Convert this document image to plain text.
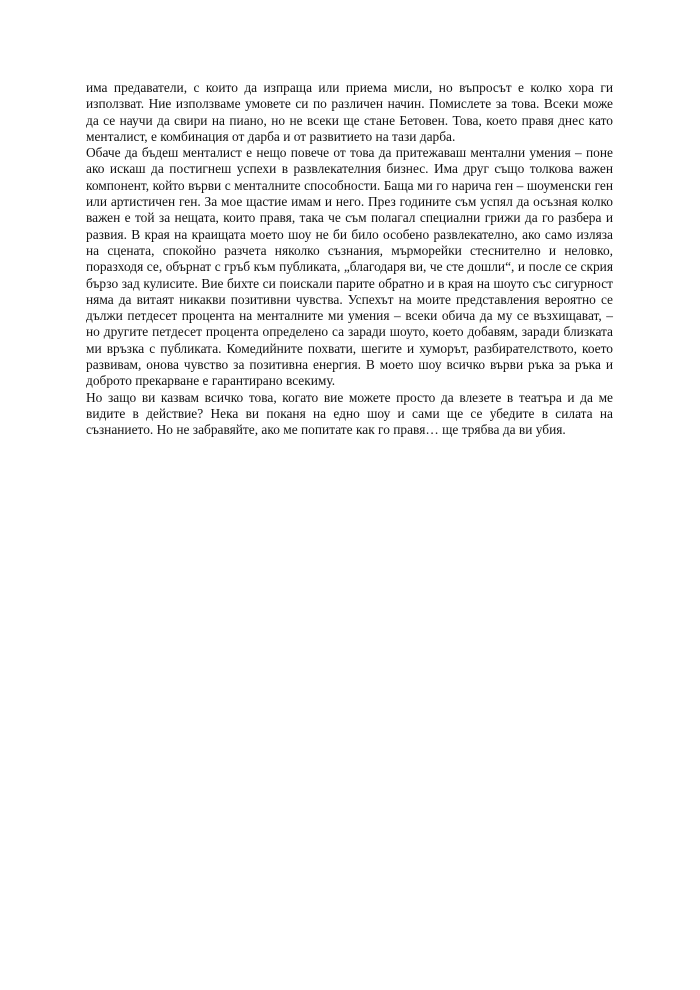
има предаватели, с които да изпраща или приема мисли, но въпросът е колко хора ги използват. Ние използваме умовете си по различен начин. Помислете за това. Всеки може да се научи да свири на пиано, но не всеки ще стане Бетовен. Това, което правя днес като менталист, е комбинация от дарба и от развитието на тази дарба.

Обаче да бъдеш менталист е нещо повече от това да притежаваш ментални умения – поне ако искаш да постигнеш успехи в развлекателния бизнес. Има друг също толкова важен компонент, който върви с менталните способности. Баща ми го нарича ген – шоуменски ген или артистичен ген. За мое щастие имам и него. През годините съм успял да осъзная колко важен е той за нещата, които правя, така че съм полагал специални грижи да го разбера и развия. В края на краищата моето шоу не би било особено развлекателно, ако само изляза на сцената, спокойно разчета няколко съзнания, мърморейки стеснително и неловко, поразходя се, обърнат с гръб към публиката, „благодаря ви, че сте дошли“, и после се скрия бързо зад кулисите. Вие бихте си поискали парите обратно и в края на шоуто със сигурност няма да витаят никакви позитивни чувства. Успехът на моите представления вероятно се дължи петдесет процента на менталните ми умения – всеки обича да му се възхищават, – но другите петдесет процента определено са заради шоуто, което добавям, заради близката ми връзка с публиката. Комедийните похвати, шегите и хуморът, разбирателството, което развивам, онова чувство за позитивна енергия. В моето шоу всичко върви ръка за ръка и доброто прекарване е гарантирано всекиму.

Но защо ви казвам всичко това, когато вие можете просто да влезете в театъра и да ме видите в действие? Нека ви поканя на едно шоу и сами ще се убедите в силата на съзнанието. Но не забравяйте, ако ме попитате как го правя… ще трябва да ви убия.
